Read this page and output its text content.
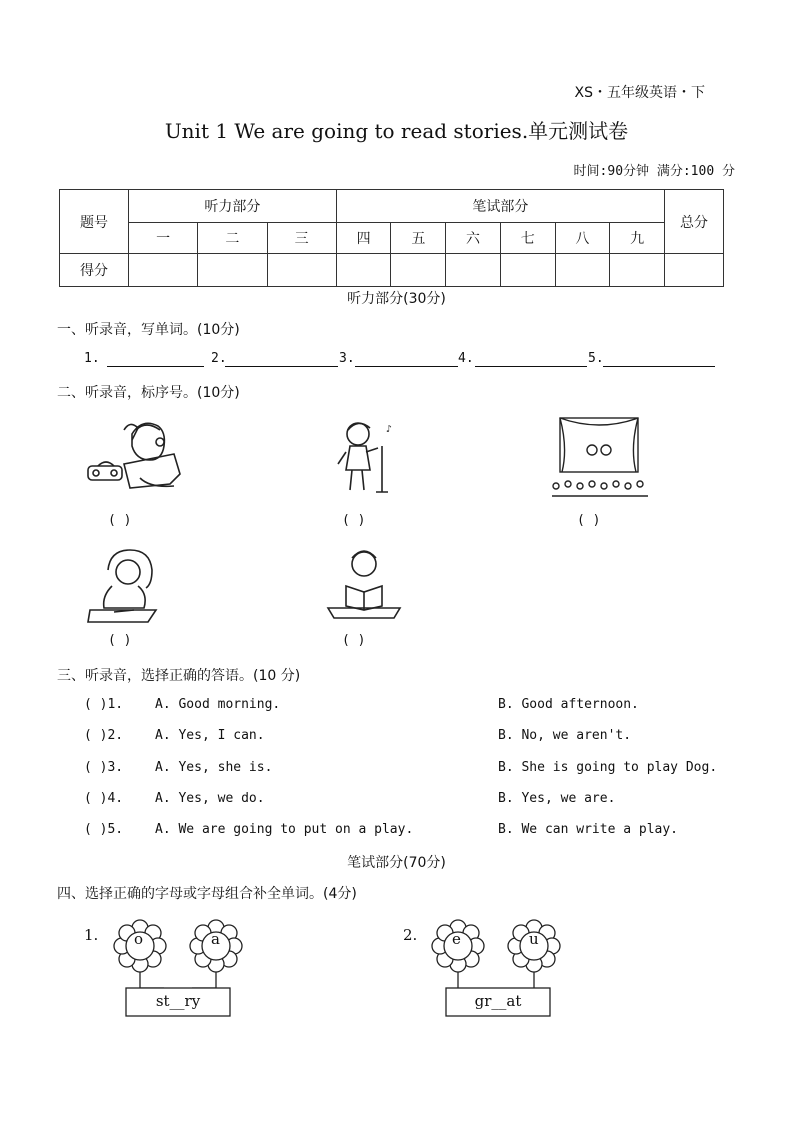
XS・五年级英语・下
Unit 1 We are going to read stories.单元测试卷
时间:90分钟 满分:100 分
题号	听力部分			笔试部分						总分
	一	二	三	四	五	六	七	八	九	
得分										
听力部分(30分)
一、听录音，写单词。(10分)
1.	2.	3.	4.	5.
二、听录音，标序号。(10分)
( )
♪
( )	( )
( )	( )
三、听录音，选择正确的答语。(10 分)
( )1. A. Good morning.	B. Good afternoon.
( )2. A. Yes, I can.	B. No, we aren't.
( )3. A. Yes, she is.	B. She is going to play Dog.
( )4. A. Yes, we do.	B. Yes, we are.
( )5. A. We are going to put on a play.	B. We can write a play.
笔试部分(70分)
四、选择正确的字母或字母组合补全单词。(4分)
1. o	a
st__ry
2. e	u
gr__at
